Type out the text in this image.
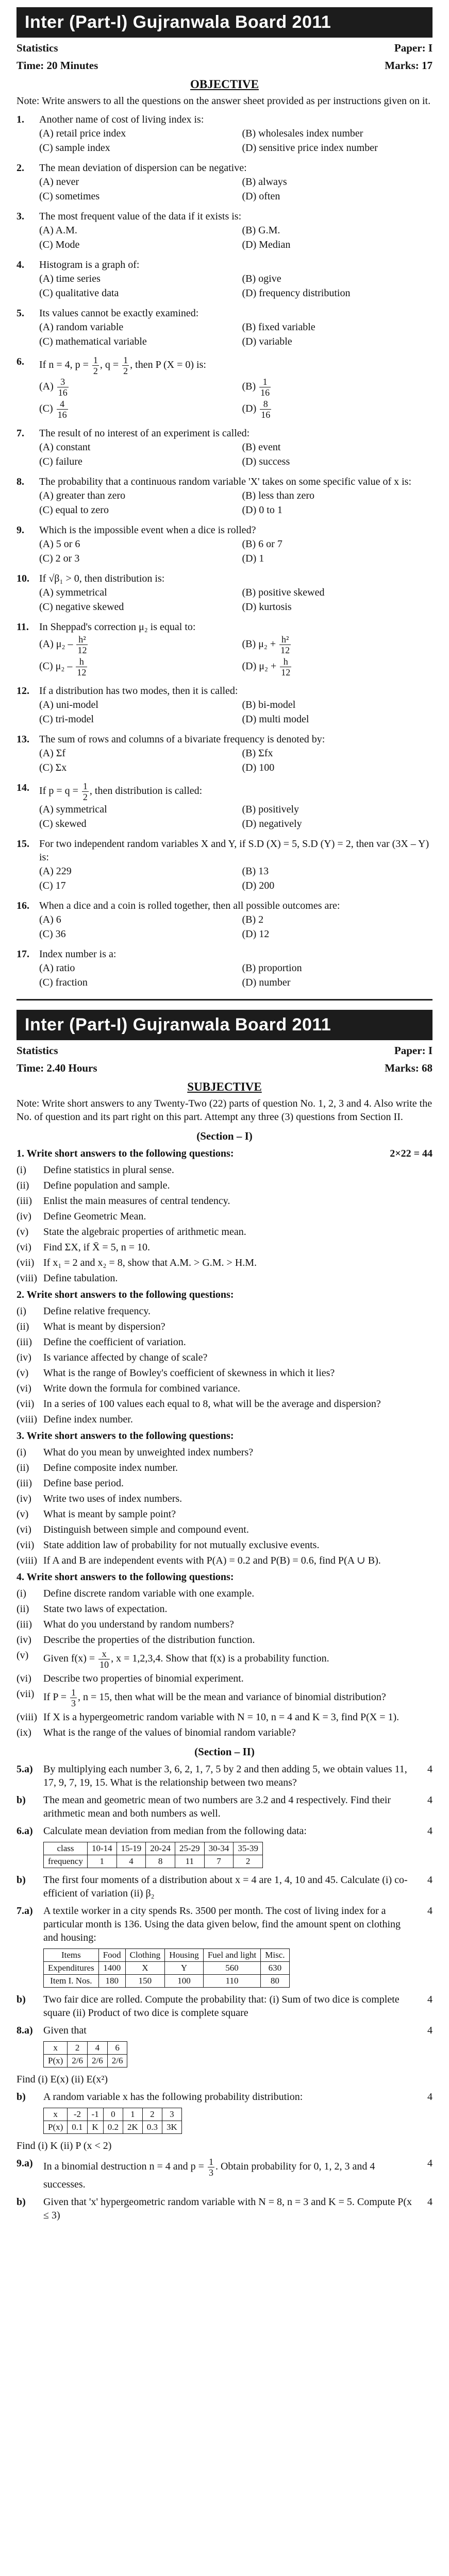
Inter (Part-I) Gujranwala Board 2011
Statistics	Paper: I
Time: 20 Minutes	Marks: 17
OBJECTIVE
Note: Write answers to all the questions on the answer sheet provided as per instructions given on it.
1.	Another name of cost of living index is:
(A) retail price index	(B) wholesales index number
(C) sample index	(D) sensitive price index number
2.	The mean deviation of dispersion can be negative:
(A) never	(B) always
(C) sometimes	(D) often
3.	The most frequent value of the data if it exists is:
(A) A.M.	(B) G.M.
(C) Mode	(D) Median
4.	Histogram is a graph of:
(A) time series	(B) ogive
(C) qualitative data	(D) frequency distribution
5.	Its values cannot be exactly examined:
(A) random variable	(B) fixed variable
(C) mathematical variable	(D) variable
6.	If n = 4, $p = \frac{1}{2}$ , $q = \frac{1}{2}$ , then P (X = 0) is:
$(A) \frac{3}{16}$	$(B) \frac{1}{16}$
$(C) \frac{4}{16}$	$(D) \frac{8}{16}$
7.	The result of no interest of an experiment is called:
(A) constant	(B) event
(C) failure	(D) success
8.	The probability that a continuous random variable 'X' takes on some specific value of x is:
(A) greater than zero	(B) less than zero
(C) equal to zero	(D) 0 to 1
9.	Which is the impossible event when a dice is rolled?
(A) 5 or 6	(B) 6 or 7
(C) 2 or 3	(D) 1
10. If √β₁ > 0, then distribution is:
(A) symmetrical	(B) positive skewed
(C) negative skewed	(D) kurtosis
11.	In Sheppad's correction μ₂ is equal to:
(A) $\mu_2 - \frac{\text{h²}}{12}$	(B) $\mu_2 + \frac{\text{h²}}{12}$
(C) $\mu_2 - \frac{h}{12}$	(D) $\mu_2 + \frac{h}{12}$
12. If a distribution has two modes, then it is called:
(A) uni-model	(B) bi-model
(C) tri-model	(D) multi model
13. The sum of rows and columns of a bivariate frequency is denoted by:
(A) Σf	(B) Σfx
(C) Σx	(D) 100
14. If $p = q = \frac{1}{2}$ , then distribution is called:
(A) symmetrical	(B) positively
(C) skewed	(D) negatively
15. For two independent random variables X and Y, if S.D (X) = 5, S.D (Y) = 2, then var (3X – Y) is:
(A) 229	(B) 13
(C) 17	(D) 200
16. When a dice and a coin is rolled together, then all possible outcomes are:
(A) 6	(B) 2
(C) 36	(D) 12
17. Index number is a:
(A) ratio	(B) proportion
(C) fraction	(D) number
Inter (Part-I) Gujranwala Board 2011
Statistics	Paper: I
Time: 2.40 Hours	Marks: 68
SUBJECTIVE
Note: Write short answers to any Twenty-Two (22) parts of question No. 1, 2, 3 and 4. Also write the No. of question and its part right on this part. Attempt any three (3) questions from Section II.
(Section – I)
1. Write short answers to the following questions:	2×22 = 44
(i)	Define statistics in plural sense.
(ii)	Define population and sample.
(iii)	Enlist the main measures of central tendency.
(iv)	Define Geometric Mean.
(v)	State the algebraic properties of arithmetic mean.
(vi)	Find ΣX, if X̄ = 5, n = 10.
(vii) If x₁ = 2 and x₂ = 8, show that A.M. > G.M. > H.M.
(viii) Define tabulation.
2. Write short answers to the following questions:
(i)	Define relative frequency.
(ii)	What is meant by dispersion?
(iii)	Define the coefficient of variation.
(iv)	Is variance affected by change of scale?
(v)	What is the range of Bowley's coefficient of skewness in which it lies?
(vi)	Write down the formula for combined variance.
(vii) In a series of 100 values each equal to 8, what will be the average and dispersion?
(viii) Define index number.
3. Write short answers to the following questions:
(i)	What do you mean by unweighted index numbers?
(ii)	Define composite index number.
(iii)	Define base period.
(iv)	Write two uses of index numbers.
(v)	What is meant by sample point?
(vi)	Distinguish between simple and compound event.
(vii) State addition law of probability for not mutually exclusive events.
(viii) If A and B are independent events with P(A) = 0.2 and P(B) = 0.6, find P(A ∪ B).
4. Write short answers to the following questions:
(i)	Define discrete random variable with one example.
(ii)	State two laws of expectation.
(iii)	What do you understand by random numbers?
(iv)	Describe the properties of the distribution function.
(v)	Given $f(x) = \frac{x}{10}$ , x = 1,2,3,4. Show that f(x) is a probability function.
(vi)	Describe two properties of binomial experiment.
(vii) If $P = \frac{1}{3}$ , n = 15, then what will be the mean and variance of binomial distribution?
(viii) If X is a hypergeometric random variable with N = 10, n = 4 and K = 3, find P(X = 1).
(ix)	What is the range of the values of binomial random variable?
(Section – II)
5.a)	By multiplying each number 3, 6, 2, 1, 7, 5 by 2 and then adding 5, we obtain values 11, 17, 9, 7, 19, 15. What is the relationship between two means?
4
b)	The mean and geometric mean of two numbers are 3.2 and 4 respectively. Find their arithmetic mean and both numbers as well.
4
6.a)	Calculate mean deviation from median from the following data:	4
class	10-14	15-19	20-24	25-29	30-34	35-39
frequency	1	4	8	11	7	2
b)	The first four moments of a distribution about x = 4 are 1, 4, 10 and 45. Calculate (i) co-efficient of variation (ii) β₂
4
7.a)	A textile worker in a city spends Rs. 3500 per month. The cost of living index for a particular month is 136. Using the data given below, find the amount spent on clothing and housing:
4
Items	Food	Clothing	Housing	Fuel and light	Misc.
Expenditures	1400	X	Y	560	630
Item I. Nos.	180	150	100	110	80
b)	Two fair dice are rolled. Compute the probability that: (i) Sum of two dice is complete square (ii) Product of two dice is complete square
4
8.a)	Given that	4
x	2	4	6
P(x)	2/6	2/6	2/6
Find (i) E(x) (ii) E(x²)
b)	A random variable x has the following probability distribution:	4
x	-2	-1	0	1	2	3
P(x)	0.1	K	0.2	2K	0.3	3K
Find (i) K (ii) P (x < 2)
9.a)	In a binomial destruction n = 4 and $p = \frac{1}{3}$ . Obtain probability for 0, 1, 2, 3 and 4 successes.
4
b)	Given that 'x' hypergeometric random variable with N = 8, n = 3 and K = 5. Compute P(x ≤ 3)
4
